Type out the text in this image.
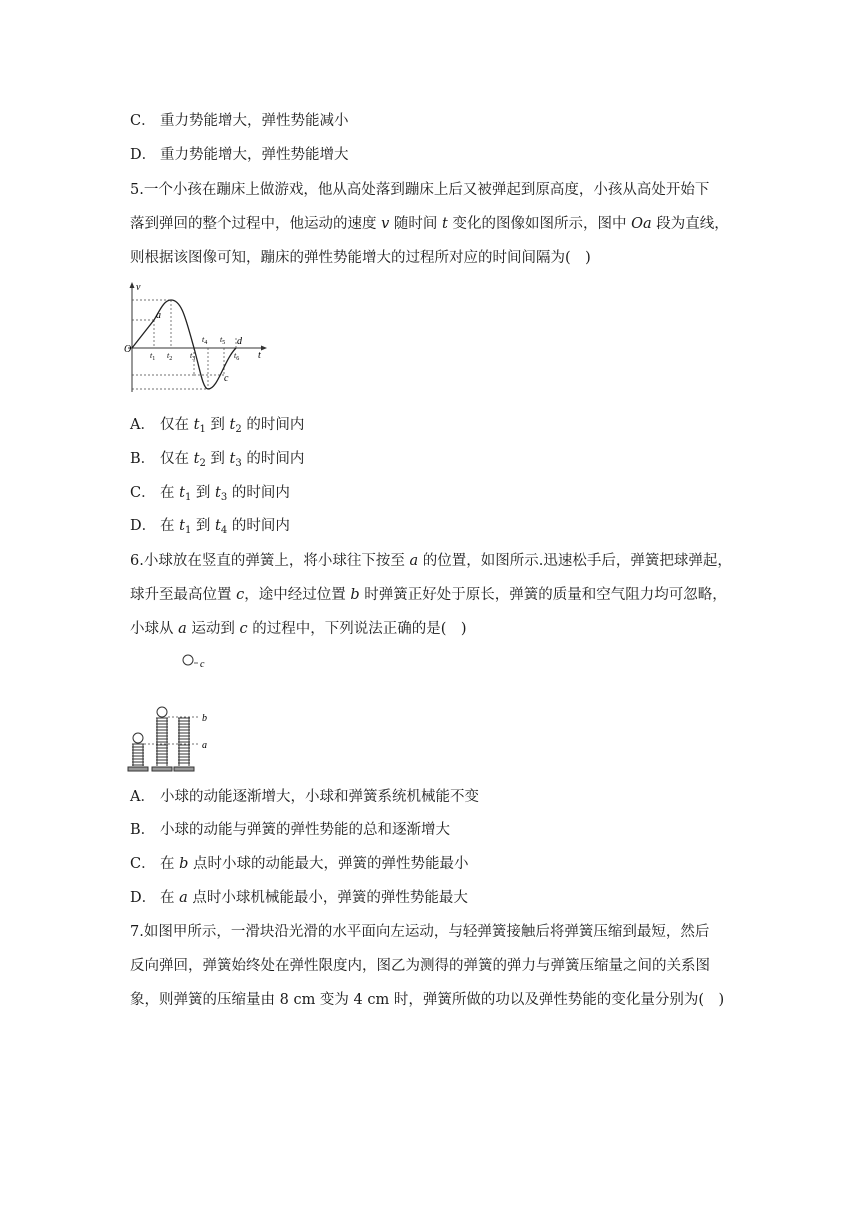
C． 重力势能增大，弹性势能减小
D． 重力势能增大，弹性势能增大
5.一个小孩在蹦床上做游戏，他从高处落到蹦床上后又被弹起到原高度，小孩从高处开始下
落到弹回的整个过程中，他运动的速度 v 随时间 t 变化的图像如图所示，图中 Oa 段为直线，
则根据该图像可知，蹦床的弹性势能增大的过程所对应的时间间隔为(　)
v
t
O
a
c
d
$t_1$ $t_2$ $t_3$
$t_4$ $t_5$
$t_6$
A． 仅在 $t_1$ 到 $t_2$ 的时间内
B． 仅在 $t_2$ 到 $t_3$ 的时间内
C． 在 $t_1$ 到 $t_3$ 的时间内
D． 在 $t_1$ 到 $t_4$ 的时间内
6.小球放在竖直的弹簧上，将小球往下按至 a 的位置，如图所示.迅速松手后，弹簧把球弹起，
球升至最高位置 c，途中经过位置 b 时弹簧正好处于原长，弹簧的质量和空气阻力均可忽略，
小球从 a 运动到 c 的过程中，下列说法正确的是(　)
c
b
a
A． 小球的动能逐渐增大，小球和弹簧系统机械能不变
B． 小球的动能与弹簧的弹性势能的总和逐渐增大
C． 在 b 点时小球的动能最大，弹簧的弹性势能最小
D． 在 a 点时小球机械能最小，弹簧的弹性势能最大
7.如图甲所示，一滑块沿光滑的水平面向左运动，与轻弹簧接触后将弹簧压缩到最短，然后
反向弹回，弹簧始终处在弹性限度内，图乙为测得的弹簧的弹力与弹簧压缩量之间的关系图
象，则弹簧的压缩量由 8 cm 变为 4 cm 时，弹簧所做的功以及弹性势能的变化量分别为(　)
